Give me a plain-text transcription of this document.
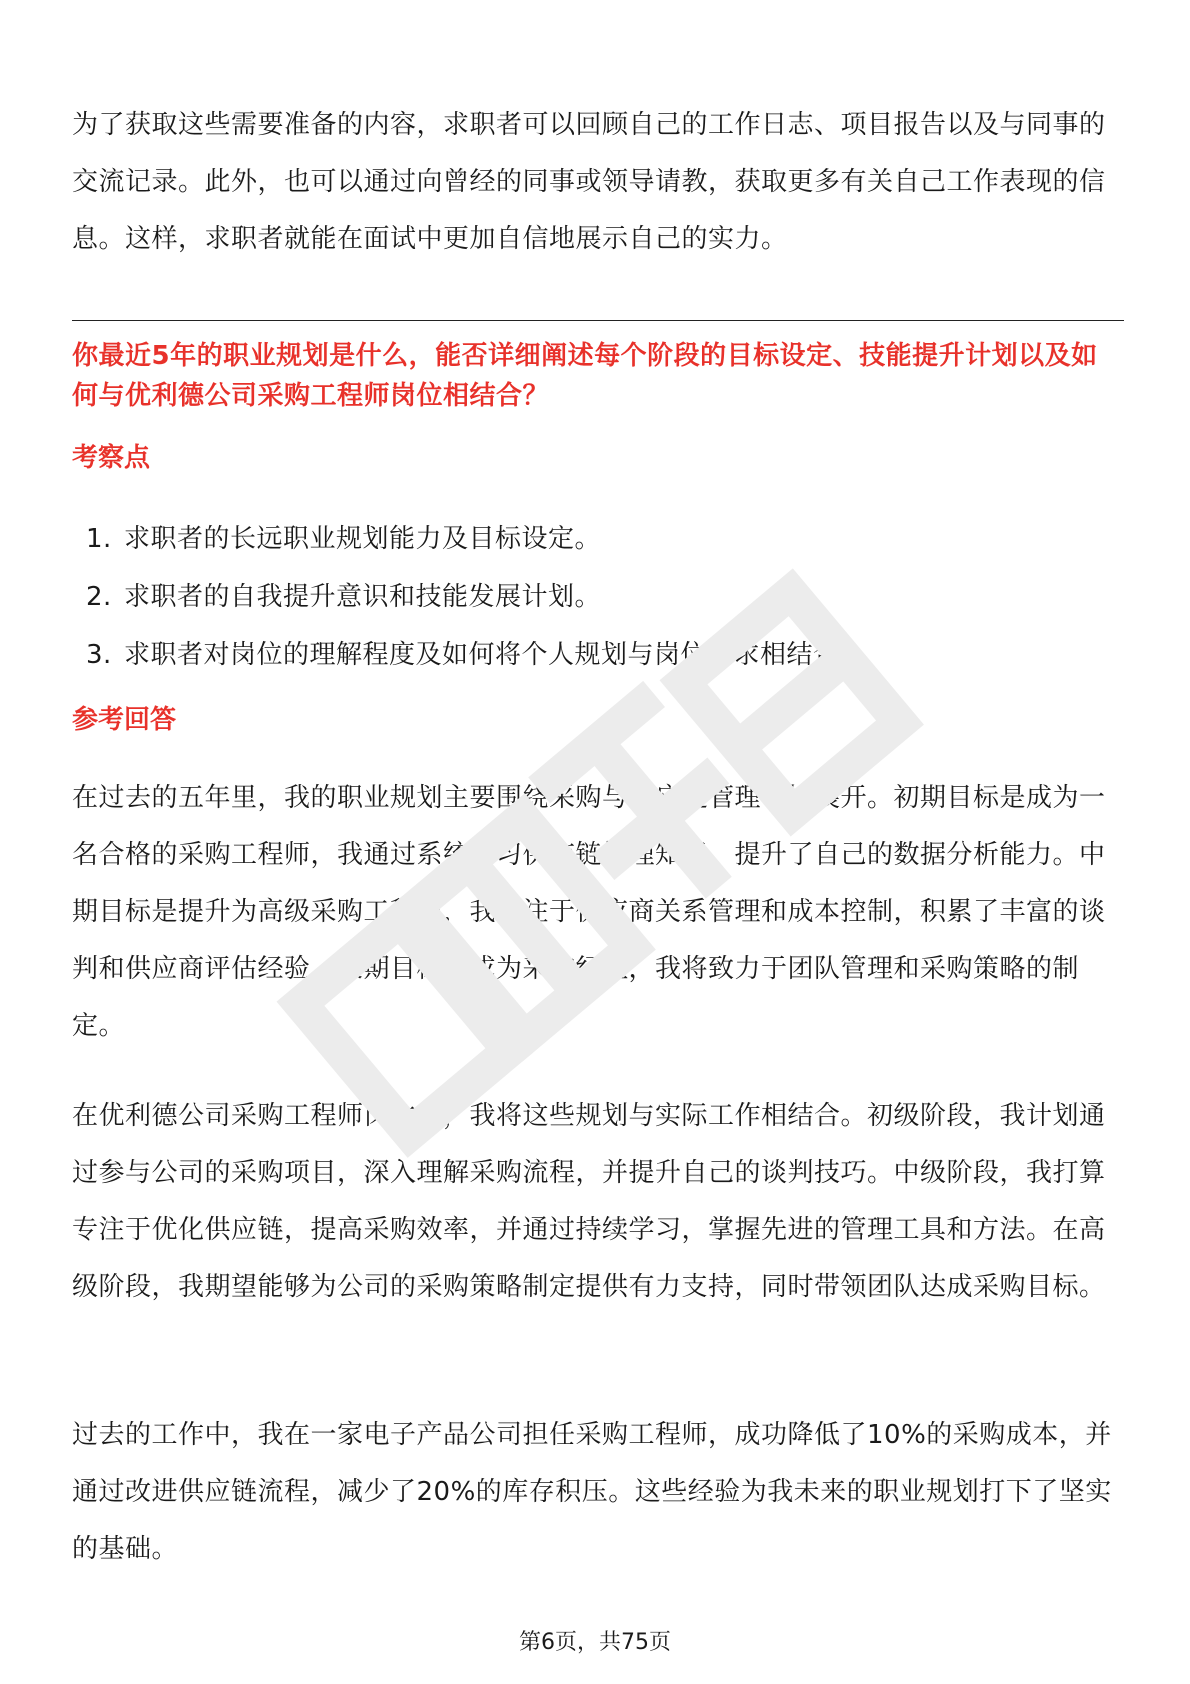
为了获取这些需要准备的内容，求职者可以回顾自己的工作日志、项目报告以及与同事的交流记录。此外，也可以通过向曾经的同事或领导请教，获取更多有关自己工作表现的信息。这样，求职者就能在面试中更加自信地展示自己的实力。

你最近5年的职业规划是什么，能否详细阐述每个阶段的目标设定、技能提升计划以及如何与优利德公司采购工程师岗位相结合？

考察点
1. 求职者的长远职业规划能力及目标设定。
2. 求职者的自我提升意识和技能发展计划。
3. 求职者对岗位的理解程度及如何将个人规划与岗位要求相结合。
参考回答

在过去的五年里，我的职业规划主要围绕采购与供应链管理领域展开。初期目标是成为一名合格的采购工程师，我通过系统学习供应链管理知识，提升了自己的数据分析能力。中期目标是提升为高级采购工程师，我专注于供应商关系管理和成本控制，积累了丰富的谈判和供应商评估经验。长期目标是成为采购经理，我将致力于团队管理和采购策略的制定。

在优利德公司采购工程师岗位上，我将这些规划与实际工作相结合。初级阶段，我计划通过参与公司的采购项目，深入理解采购流程，并提升自己的谈判技巧。中级阶段，我打算专注于优化供应链，提高采购效率，并通过持续学习，掌握先进的管理工具和方法。在高级阶段，我期望能够为公司的采购策略制定提供有力支持，同时带领团队达成采购目标。

过去的工作中，我在一家电子产品公司担任采购工程师，成功降低了10%的采购成本，并通过改进供应链流程，减少了20%的库存积压。这些经验为我未来的职业规划打下了坚实的基础。

第6页，共75页
